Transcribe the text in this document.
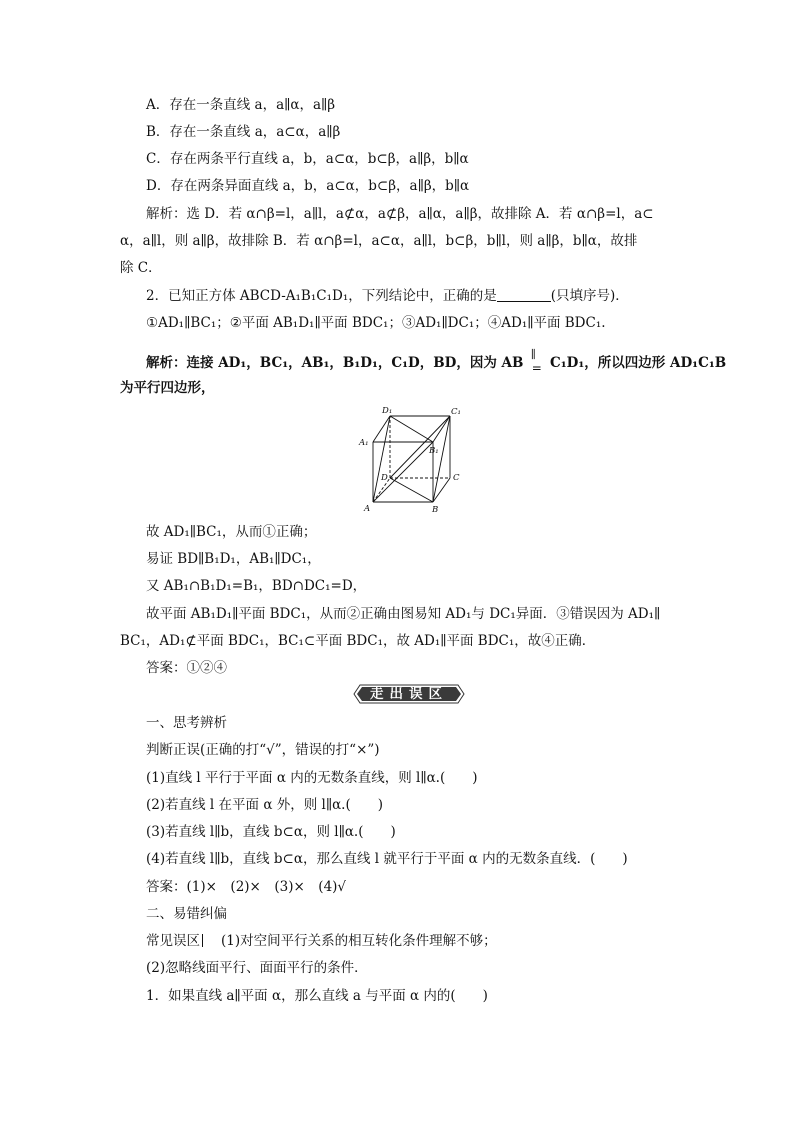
A．存在一条直线 a，a∥α，a∥β
B．存在一条直线 a，a⊂α，a∥β
C．存在两条平行直线 a，b，a⊂α，b⊂β，a∥β，b∥α
D．存在两条异面直线 a，b，a⊂α，b⊂β，a∥β，b∥α
解析：选 D．若 α∩β=l，a∥l，a⊄α，a⊄β，a∥α，a∥β，故排除 A．若 α∩β=l，a⊂
α，a∥l，则 a∥β，故排除 B．若 α∩β=l，a⊂α，a∥l，b⊂β，b∥l，则 a∥β，b∥α，故排
除 C．
2．已知正方体 ABCD-A₁B₁C₁D₁，下列结论中，正确的是	(只填序号)．
①AD₁∥BC₁；②平面 AB₁D₁∥平面 BDC₁；③AD₁∥DC₁；④AD₁∥平面 BDC₁.
解析：连接 AD₁，BC₁，AB₁，B₁D₁，C₁D，BD，因为 AB
∥
= C₁D₁，所以四边形 AD₁C₁B
为平行四边形，
D₁	C₁
A₁
B₁
D	C
A	B
故 AD₁∥BC₁，从而①正确；
易证 BD∥B₁D₁，AB₁∥DC₁，
又 AB₁∩B₁D₁=B₁，BD∩DC₁=D，
故平面 AB₁D₁∥平面 BDC₁，从而②正确由图易知 AD₁与 DC₁异面．③错误因为 AD₁∥
BC₁，AD₁⊄平面 BDC₁，BC₁⊂平面 BDC₁，故 AD₁∥平面 BDC₁，故④正确．
答案：①②④
走出误区
一、思考辨析
判断正误(正确的打“√”，错误的打“×”)
(1)直线 l 平行于平面 α 内的无数条直线，则 l∥α.(　　)
(2)若直线 l 在平面 α 外，则 l∥α.(　　)
(3)若直线 l∥b，直线 b⊂α，则 l∥α.(　　)
(4)若直线 l∥b，直线 b⊂α，那么直线 l 就平行于平面 α 内的无数条直线．(　　)
答案：(1)×　(2)×　(3)×　(4)√
二、易错纠偏
常见误区 (1)对空间平行关系的相互转化条件理解不够；
(2)忽略线面平行、面面平行的条件．
1．如果直线 a∥平面 α，那么直线 a 与平面 α 内的(　　)
